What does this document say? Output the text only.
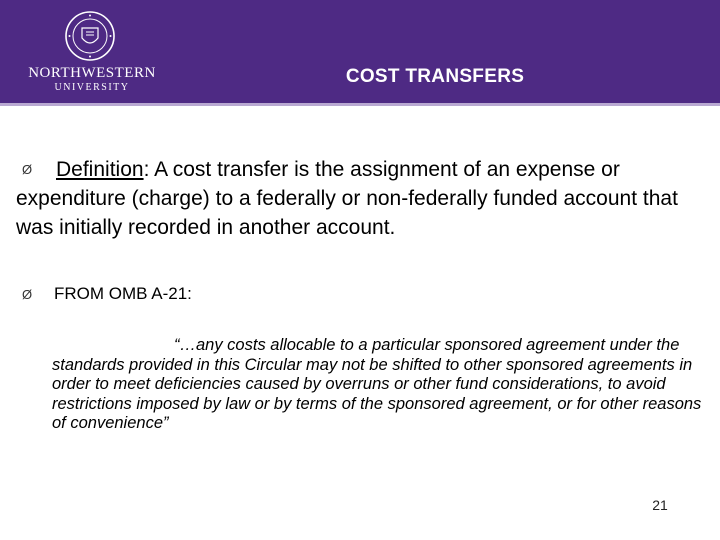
NORTHWESTERN
UNIVERSITY
COST TRANSFERS
Ø	Definition: A cost transfer is the assignment of an expense or expenditure (charge) to a federally or non-federally funded account that was initially recorded in another account.
Ø FROM OMB A-21:
“…any costs allocable to a particular sponsored agreement under the standards provided in this Circular may not be shifted to other sponsored agreements in order to meet deficiencies caused by overruns or other fund considerations, to avoid restrictions imposed by law or by terms of the sponsored agreement, or for other reasons of convenience”
21
